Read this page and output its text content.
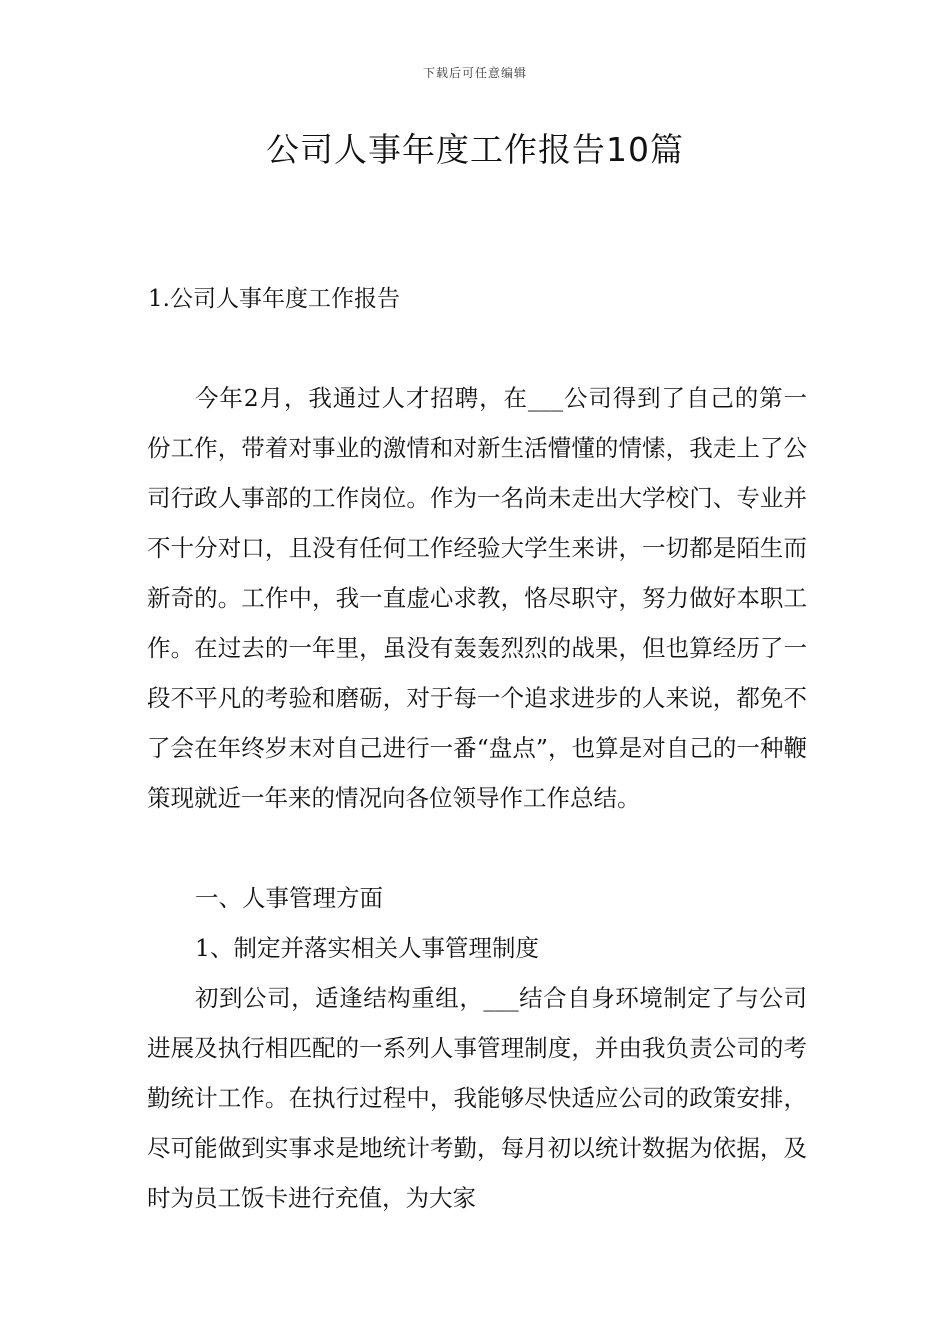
下载后可任意编辑
公司人事年度工作报告10篇
1.公司人事年度工作报告

今年2月，我通过人才招聘，在___公司得到了自己的第一份工作，带着对事业的激情和对新生活懵懂的情愫，我走上了公司行政人事部的工作岗位。作为一名尚未走出大学校门、专业并不十分对口，且没有任何工作经验大学生来讲，一切都是陌生而新奇的。工作中，我一直虚心求教，恪尽职守，努力做好本职工作。在过去的一年里，虽没有轰轰烈烈的战果，但也算经历了一段不平凡的考验和磨砺，对于每一个追求进步的人来说，都免不了会在年终岁末对自己进行一番“盘点”，也算是对自己的一种鞭策现就近一年来的情况向各位领导作工作总结。

一、人事管理方面

1、制定并落实相关人事管理制度

初到公司，适逢结构重组，___结合自身环境制定了与公司进展及执行相匹配的一系列人事管理制度，并由我负责公司的考勤统计工作。在执行过程中，我能够尽快适应公司的政策安排，尽可能做到实事求是地统计考勤，每月初以统计数据为依据，及时为员工饭卡进行充值，为大家
